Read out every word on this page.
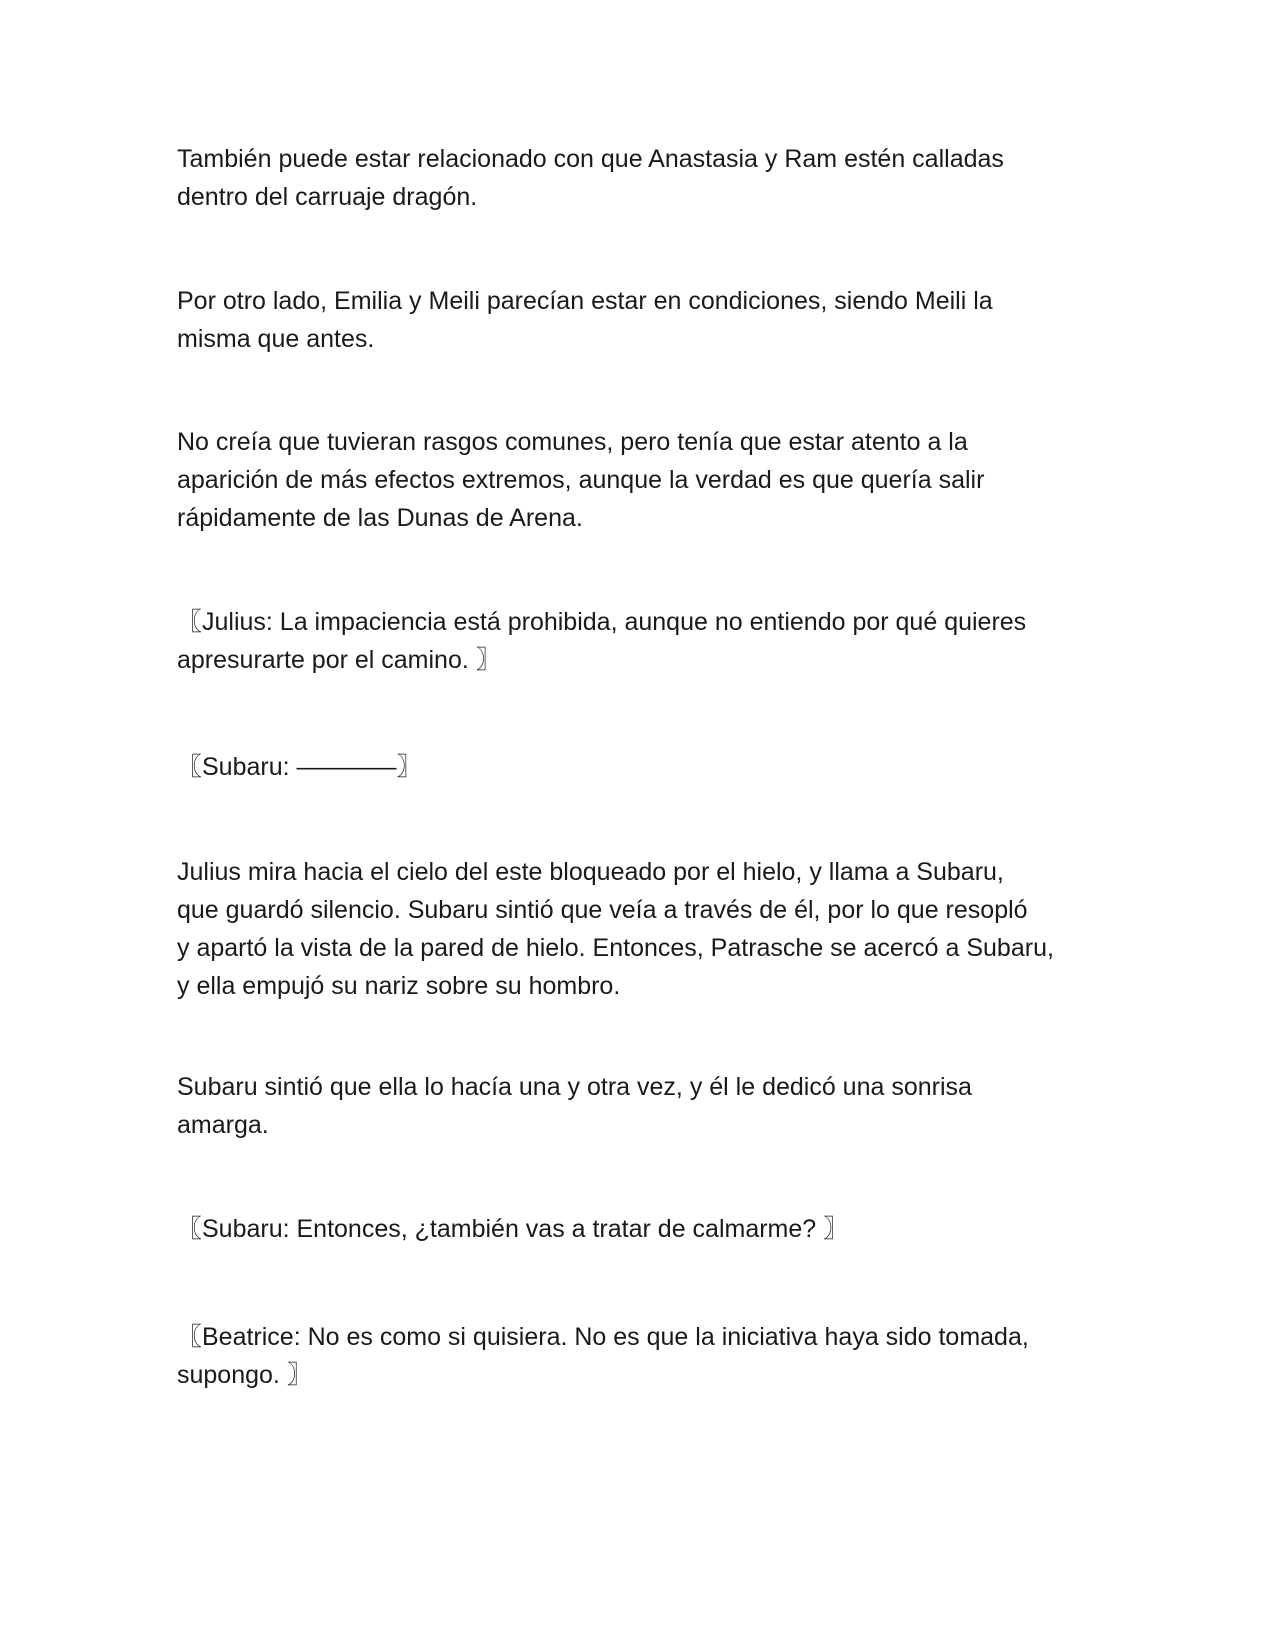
También puede estar relacionado con que Anastasia y Ram estén calladas
dentro del carruaje dragón.

Por otro lado, Emilia y Meili parecían estar en condiciones, siendo Meili la
misma que antes.

No creía que tuvieran rasgos comunes, pero tenía que estar atento a la
aparición de más efectos extremos, aunque la verdad es que quería salir
rápidamente de las Dunas de Arena.

〖Julius: La impaciencia está prohibida, aunque no entiendo por qué quieres
apresurarte por el camino. 〗

〖Subaru: ————〗

Julius mira hacia el cielo del este bloqueado por el hielo, y llama a Subaru,
que guardó silencio. Subaru sintió que veía a través de él, por lo que resopló
y apartó la vista de la pared de hielo. Entonces, Patrasche se acercó a Subaru,
y ella empujó su nariz sobre su hombro.

Subaru sintió que ella lo hacía una y otra vez, y él le dedicó una sonrisa
amarga.

〖Subaru: Entonces, ¿también vas a tratar de calmarme? 〗

〖Beatrice: No es como si quisiera. No es que la iniciativa haya sido tomada,
supongo. 〗
